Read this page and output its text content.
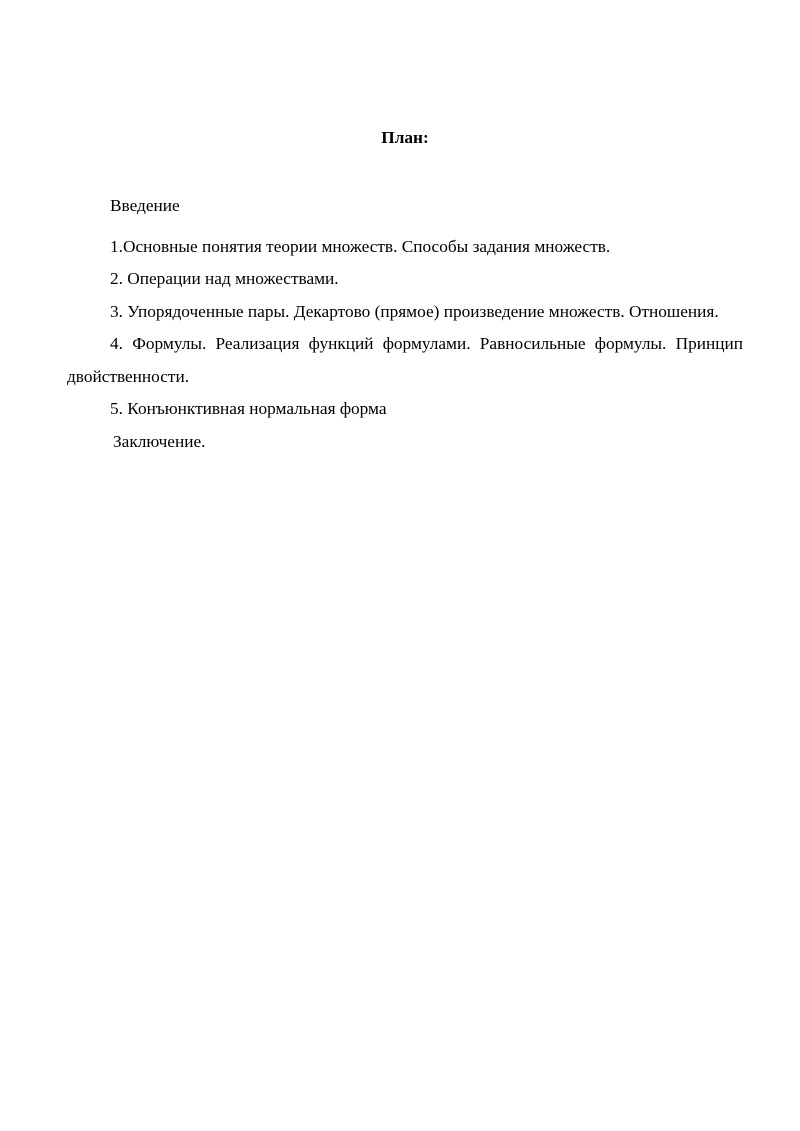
План:

Введение

1.Основные понятия теории множеств. Способы задания множеств.

2. Операции над множествами.

3. Упорядоченные пары. Декартово (прямое) произведение множеств. Отношения.

4. Формулы. Реализация функций формулами. Равносильные формулы. Принцип двойственности.

5. Конъюнктивная нормальная форма

Заключение.
